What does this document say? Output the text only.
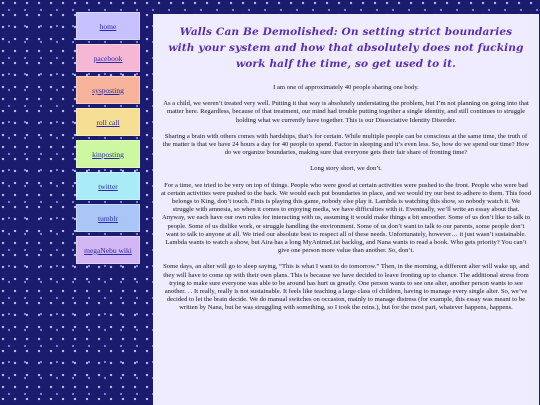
home
pacebook
sysposting
roll call
kinposting
twitter
tumblr
megaNebu wiki
Walls Can Be Demolished: On setting strict boundaries with your system and how that absolutely does not fucking work half the time, so get used to it.

I am one of approximately 40 people sharing one body.

As a child, we weren’t treated very well. Putting it that way is absolutely understating the problem, but I’m not planning on going into that matter here. Regardless, because of that treatment, our mind had trouble putting together a single identity, and still continues to struggle holding what we currently have together. This is our Dissociative Identity Disorder.

Sharing a brain with others comes with hardships, that’s for certain. While multiple people can be conscious at the same time, the truth of the matter is that we have 24 hours a day for 40 people to spend. Factor in sleeping and it’s even less. So, how do we spend our time? How do we organize boundaries, making sure that everyone gets their fair share of fronting time?

Long story short, we don’t.

For a time, we tried to be very on top of things. People who were good at certain activities were pushed to the front. People who were bad at certain activities were pushed to the back. We would each put boundaries in place, and we would try our best to adhere to them. This food belongs to King, don’t touch. Finis is playing this game, nobody else play it. Lambda is watching this show, so nobody watch it. We struggle with amnesia, so when it comes to enjoying media, we have difficulties with it. Eventually, we’ll write an essay about that. Anyway, we each have our own rules for interacting with us, assuming it would make things a bit smoother. Some of us don’t like to talk to people. Some of us dislike work, or struggle handling the environment. Some of us don’t want to talk to our parents, some people don’t want to talk to anyone at all. We tried our absolute best to respect all of these needs. Unfortunately, however… it just wasn’t sustainable. Lambda wants to watch a show, but Aira has a long MyAnimeList backlog, and Nana wants to read a book. Who gets priority? You can’t give one person more value than another. So, don’t.

Some days, an alter will go to sleep saying, “This is what I want to do tomorrow.” Then, in the morning, a different alter will wake up, and they will have to come up with their own plans. This is because we have decided to leave fronting up to chance. The additional stress from trying to make sure everyone was able to be around has hurt us greatly. One person wants to see one alter, another person wants to see another. . . It really, really is not sustainable. It feels like teaching a large class of children, having to manage every single alter. So, we’ve decided to let the brain decide. We do manual switches on occasion, mainly to manage distress (for example, this essay was meant to be written by Nana, but he was struggling with something, so I took the reins.), but for the most part, whatever happens, happens.
